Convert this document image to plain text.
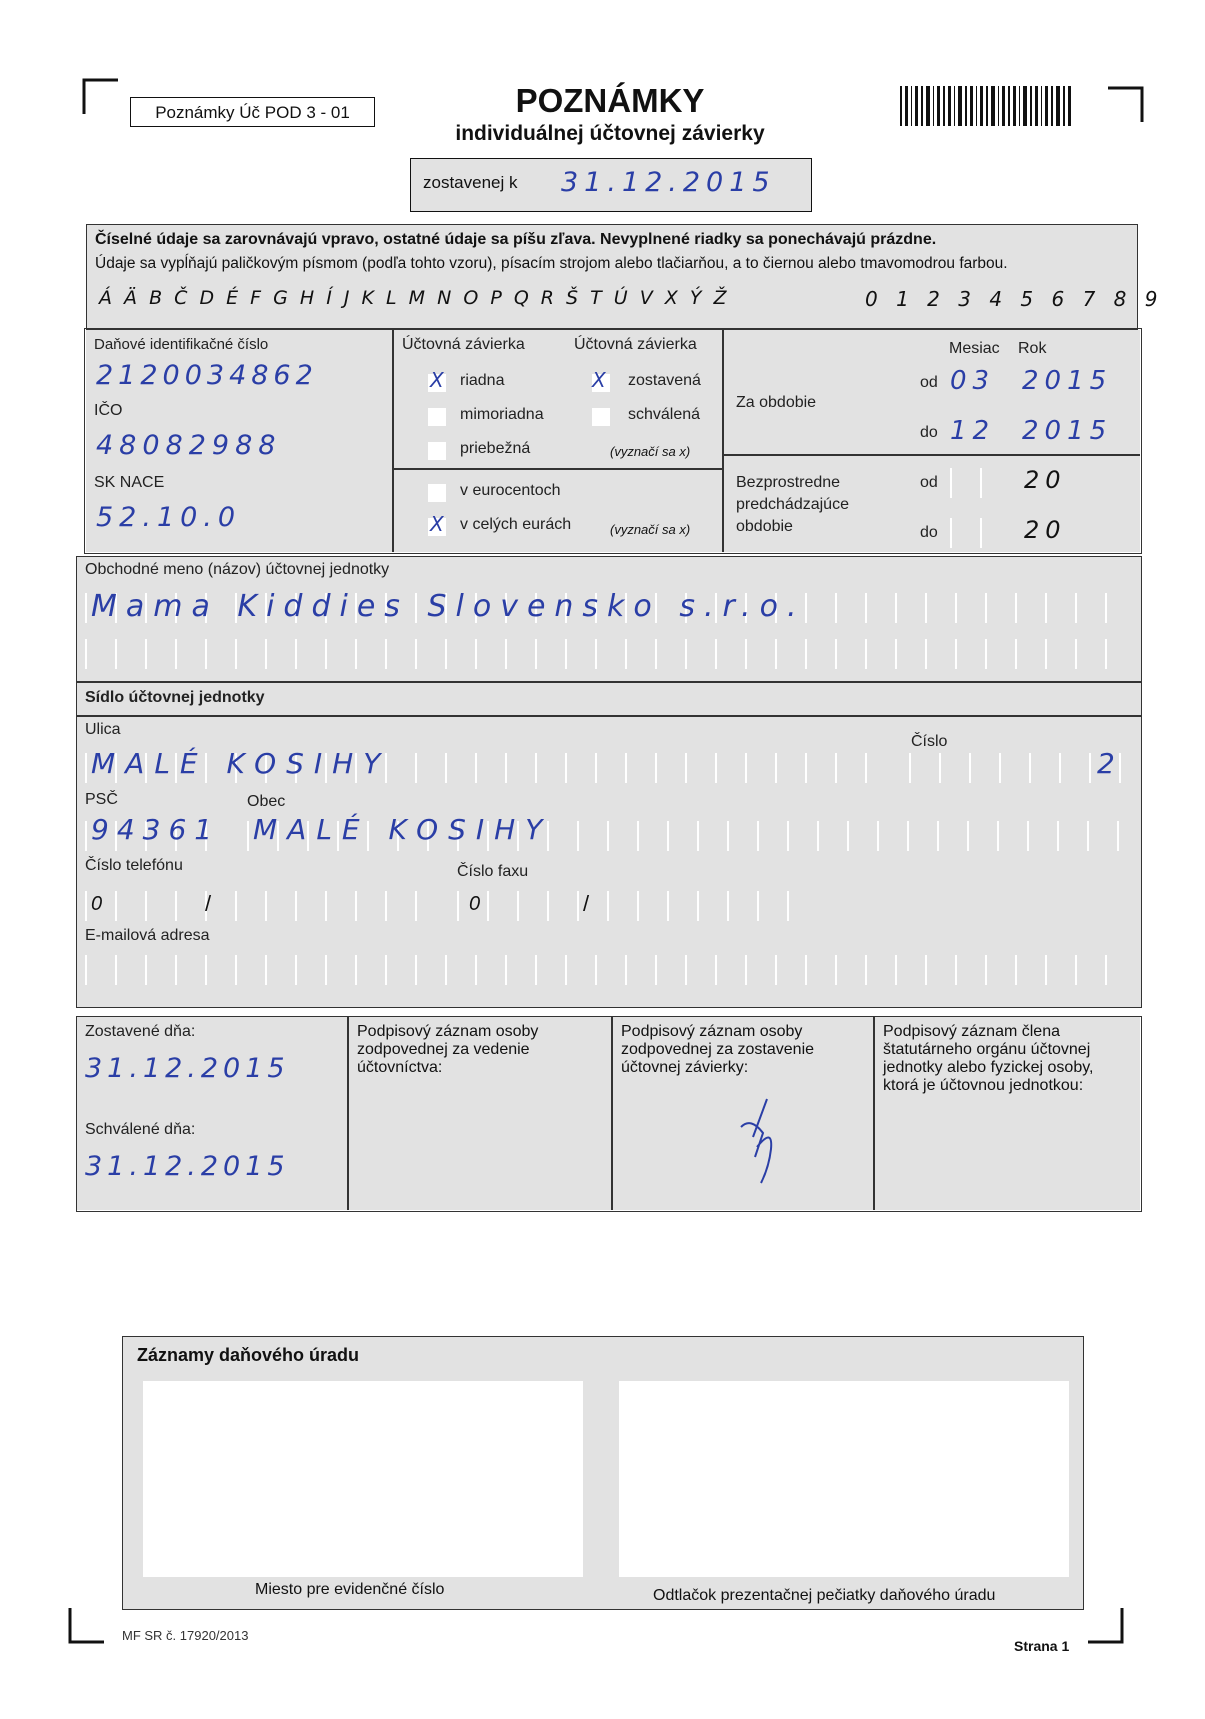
Poznámky Úč POD 3 - 01	POZNÁMKY
individuálnej účtovnej závierky
zostavenej k 31.12.2015
Číselné údaje sa zarovnávajú vpravo, ostatné údaje sa píšu zľava. Nevyplnené riadky sa ponechávajú prázdne.
Údaje sa vypĺňajú paličkovým písmom (podľa tohto vzoru), písacím strojom alebo tlačiarňou, a to čiernou alebo tmavomodrou farbou.
Á Ä B Č D É F G H Í J K L M N O P Q R Š T Ú V X Ý Ž	0 1 2 3 4 5 6 7 8 9
Daňové identifikačné číslo
2120034862
IČO
48082988
SK NACE
52.10.0
Účtovná závierka	Účtovná závierka
X riadna
mimoriadna
priebežná
X zostavená
schválená
(vyznačí sa x)
v eurocentoch
X v celých eurách	(vyznačí sa x)
Mesiac Rok
Za obdobie
od 03 2015
do 12 2015
Bezprostredne predchádzajúce obdobie
od	20
do	20
Obchodné meno (názov) účtovnej jednotky
Mama Kiddies Slovensko s.r.o.
Sídlo účtovnej jednotky
Ulica
Číslo
MALÉ KOSIHY	2
PSČ	Obec
94361 MALÉ KOSIHY
Číslo telefónu	Číslo faxu
0	/	0	/
E-mailová adresa
Zostavené dňa:
31.12.2015
Schválené dňa:
31.12.2015
Podpisový záznam osoby zodpovednej za vedenie účtovníctva:
Podpisový záznam osoby zodpovednej za zostavenie účtovnej závierky:
Podpisový záznam člena štatutárneho orgánu účtovnej jednotky alebo fyzickej osoby, ktorá je účtovnou jednotkou:
Záznamy daňového úradu
Miesto pre evidenčné číslo	Odtlačok prezentačnej pečiatky daňového úradu
MF SR č. 17920/2013
Strana 1
